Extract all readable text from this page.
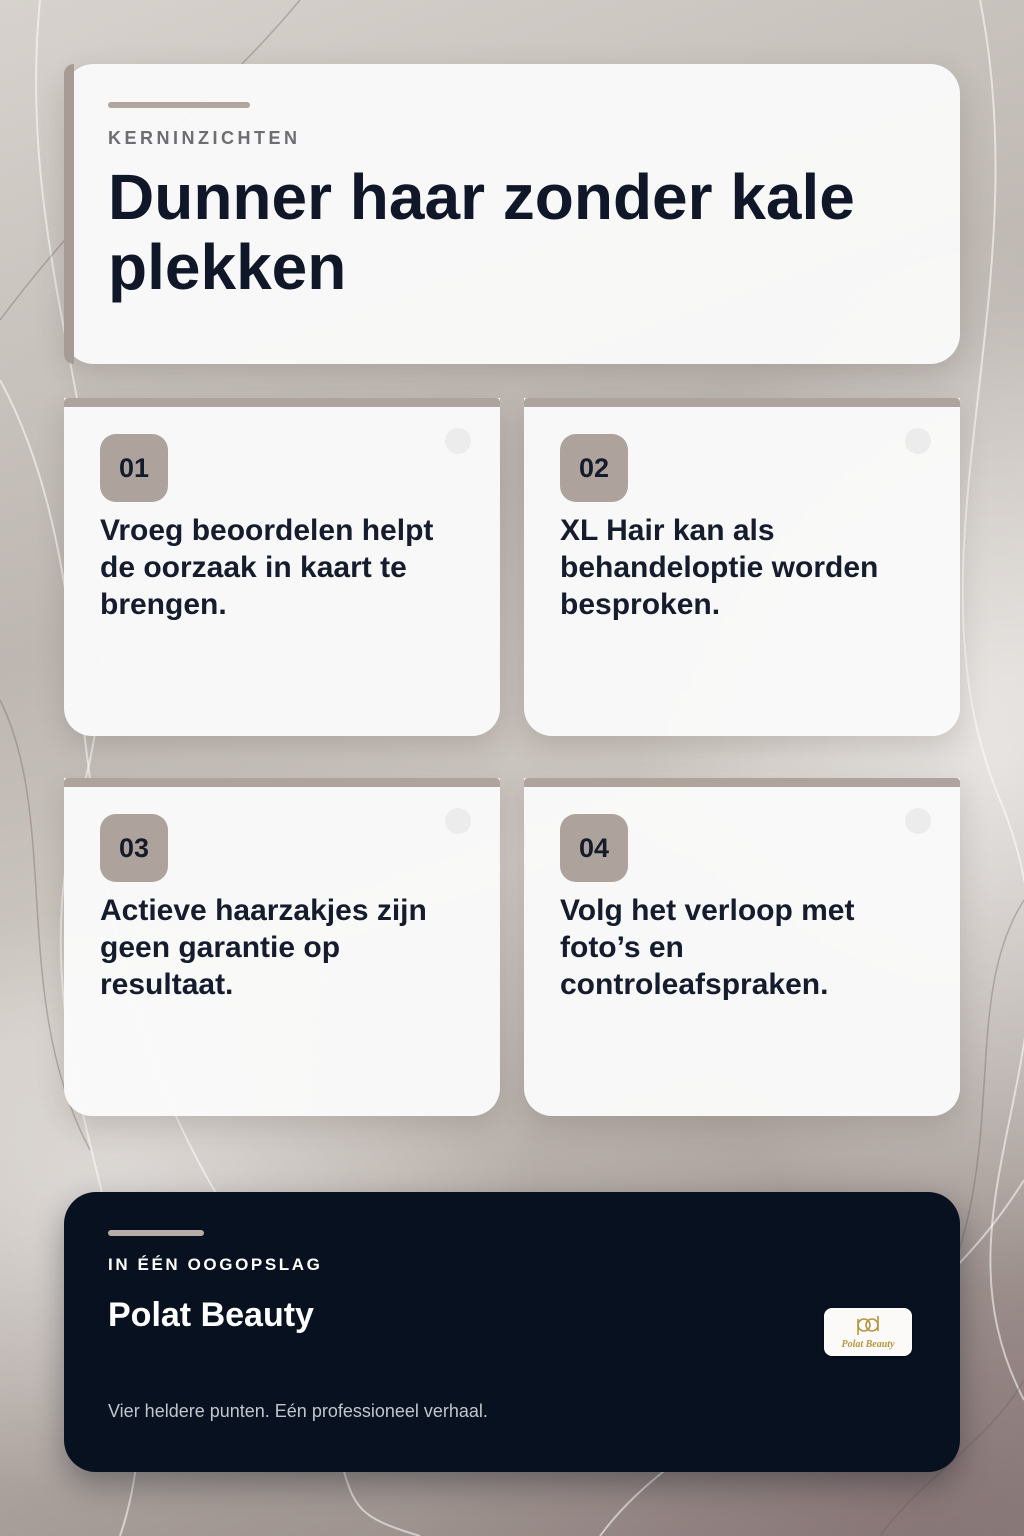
KERNINZICHTEN
Dunner haar zonder kale plekken
01
Vroeg beoordelen helpt de oorzaak in kaart te brengen.
02
XL Hair kan als behandeloptie worden besproken.
03
Actieve haarzakjes zijn geen garantie op resultaat.
04
Volg het verloop met foto’s en controleafspraken.
IN ÉÉN OOGOPSLAG
Polat Beauty
Vier heldere punten. Eén professioneel verhaal.
Polat Beauty
